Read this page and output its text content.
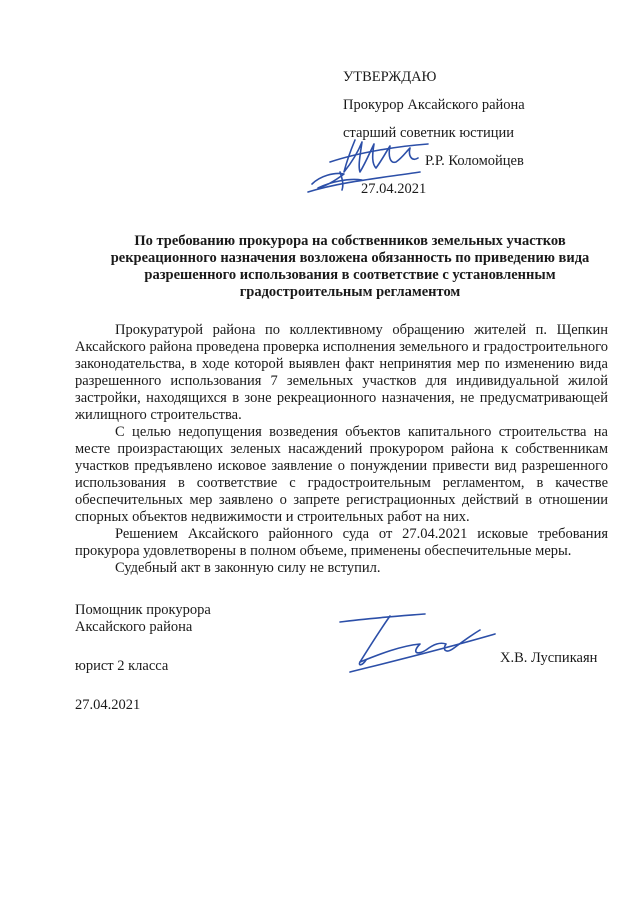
УТВЕРЖДАЮ
Прокурор Аксайского района
старший советник юстиции
Р.Р. Коломойцев
27.04.2021
По требованию прокурора на собственников земельных участков рекреационного назначения возложена обязанность по приведению вида разрешенного использования в соответствие с установленным градостроительным регламентом

Прокуратурой района по коллективному обращению жителей п. Щепкин Аксайского района проведена проверка исполнения земельного и градостроительного законодательства, в ходе которой выявлен факт непринятия мер по изменению вида разрешенного использования 7 земельных участков для индивидуальной жилой застройки, находящихся в зоне рекреационного назначения, не предусматривающей жилищного строительства.

С целью недопущения возведения объектов капитального строительства на месте произрастающих зеленых насаждений прокурором района к собственникам участков предъявлено исковое заявление о понуждении привести вид разрешенного использования в соответствие с градостроительным регламентом, в качестве обеспечительных мер заявлено о запрете регистрационных действий в отношении спорных объектов недвижимости и строительных работ на них.

Решением Аксайского районного суда от 27.04.2021 исковые требования прокурора удовлетворены в полном объеме, применены обеспечительные меры.

Судебный акт в законную силу не вступил.

Помощник прокурора
Аксайского района
юрист 2 класса
27.04.2021
Х.В. Луспикаян
